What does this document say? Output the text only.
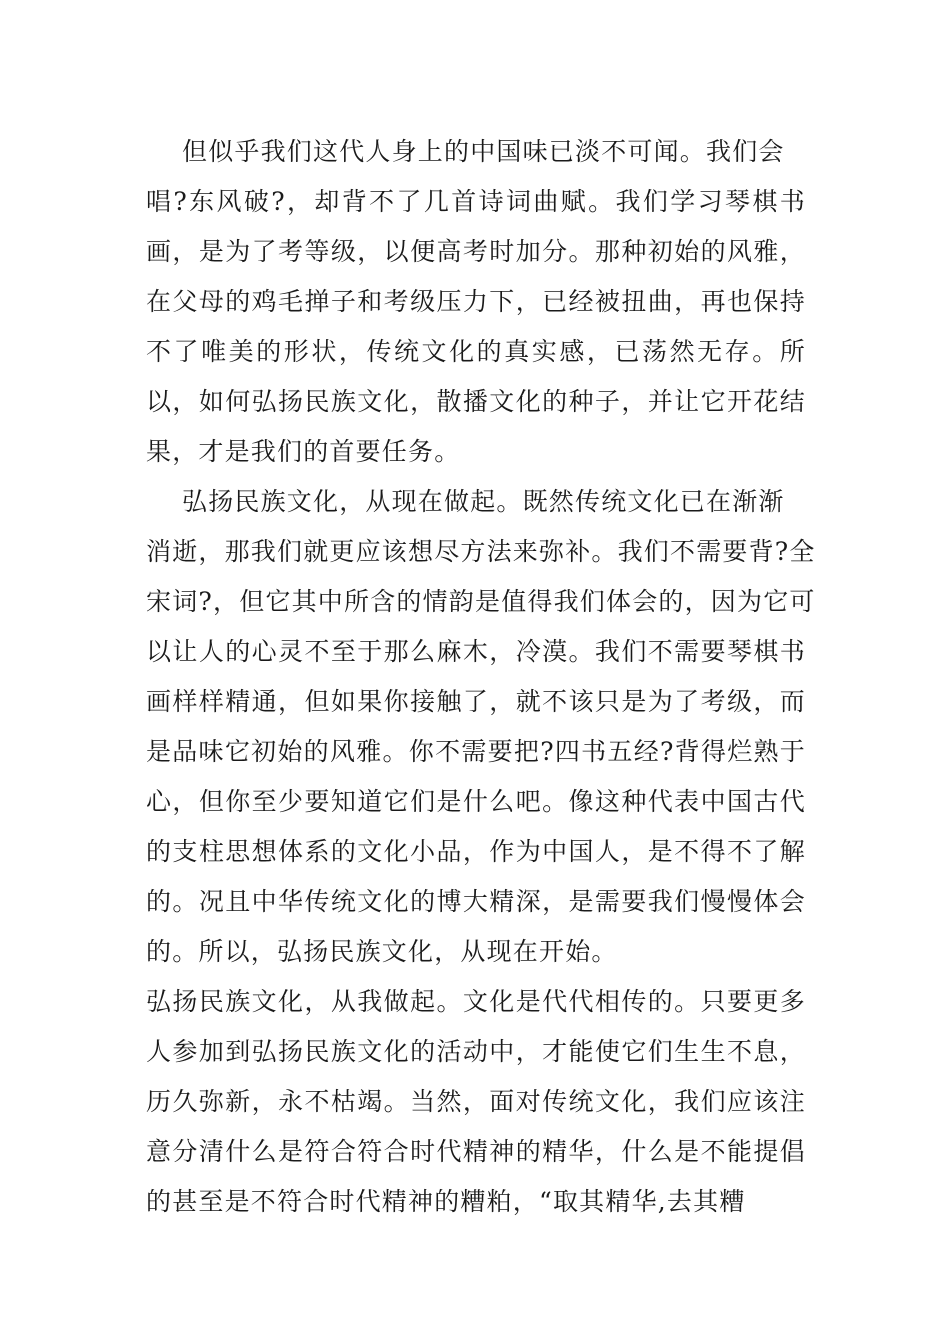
但似乎我们这代人身上的中国味已淡不可闻。我们会
唱?东风破?，却背不了几首诗词曲赋。我们学习琴棋书
画，是为了考等级，以便高考时加分。那种初始的风雅，
在父母的鸡毛掸子和考级压力下，已经被扭曲，再也保持
不了唯美的形状，传统文化的真实感，已荡然无存。所
以，如何弘扬民族文化，散播文化的种子，并让它开花结
果，才是我们的首要任务。
弘扬民族文化，从现在做起。既然传统文化已在渐渐
消逝，那我们就更应该想尽方法来弥补。我们不需要背?全
宋词?，但它其中所含的情韵是值得我们体会的，因为它可
以让人的心灵不至于那么麻木，冷漠。我们不需要琴棋书
画样样精通，但如果你接触了，就不该只是为了考级，而
是品味它初始的风雅。你不需要把?四书五经?背得烂熟于
心，但你至少要知道它们是什么吧。像这种代表中国古代
的支柱思想体系的文化小品，作为中国人，是不得不了解
的。况且中华传统文化的博大精深，是需要我们慢慢体会
的。所以，弘扬民族文化，从现在开始。
弘扬民族文化，从我做起。文化是代代相传的。只要更多
人参加到弘扬民族文化的活动中，才能使它们生生不息，
历久弥新，永不枯竭。当然，面对传统文化，我们应该注
意分清什么是符合符合时代精神的精华，什么是不能提倡
的甚至是不符合时代精神的糟粕，“取其精华,去其糟
